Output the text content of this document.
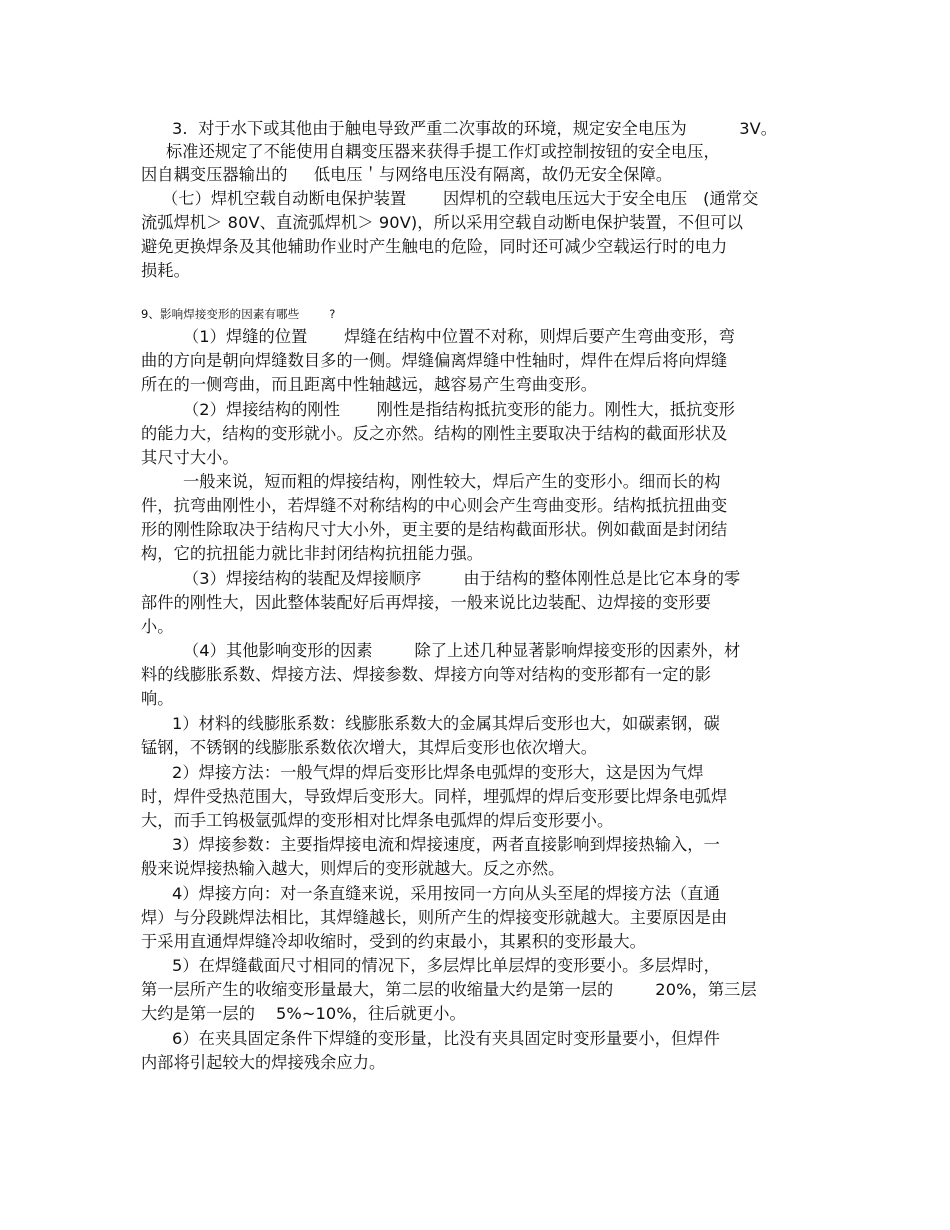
3.  对于水下或其他由于触电导致严重二次事故的环境，规定安全电压为          3V。
标准还规定了不能使用自耦变压器来获得手提工作灯或控制按钮的安全电压，
因自耦变压器输出的     低电压＇与网络电压没有隔离，故仍无安全保障。
（七）焊机空载自动断电保护装置       因焊机的空载电压远大于安全电压   (通常交
流弧焊机＞ 80V、直流弧焊机＞ 90V)，所以采用空载自动断电保护装置，不但可以
避免更换焊条及其他辅助作业时产生触电的危险，同时还可减少空载运行时的电力
损耗。
9、影响焊接变形的因素有哪些        ?
（1）焊缝的位置       焊缝在结构中位置不对称，则焊后要产生弯曲变形，弯
曲的方向是朝向焊缝数目多的一侧。焊缝偏离焊缝中性轴时，焊件在焊后将向焊缝
所在的一侧弯曲，而且距离中性轴越远，越容易产生弯曲变形。
（2）焊接结构的刚性       刚性是指结构抵抗变形的能力。刚性大，抵抗变形
的能力大，结构的变形就小。反之亦然。结构的刚性主要取决于结构的截面形状及
其尺寸大小。
一般来说，短而粗的焊接结构，刚性较大，焊后产生的变形小。细而长的构
件，抗弯曲刚性小，若焊缝不对称结构的中心则会产生弯曲变形。结构抵抗扭曲变
形的刚性除取决于结构尺寸大小外，更主要的是结构截面形状。例如截面是封闭结
构，它的抗扭能力就比非封闭结构抗扭能力强。
（3）焊接结构的装配及焊接顺序        由于结构的整体刚性总是比它本身的零
部件的刚性大，因此整体装配好后再焊接，一般来说比边装配、边焊接的变形要
小。
（4）其他影响变形的因素        除了上述几种显著影响焊接变形的因素外，材
料的线膨胀系数、焊接方法、焊接参数、焊接方向等对结构的变形都有一定的影
响。
1）材料的线膨胀系数：线膨胀系数大的金属其焊后变形也大，如碳素钢，碳
锰钢，不锈钢的线膨胀系数依次增大，其焊后变形也依次增大。
2）焊接方法：一般气焊的焊后变形比焊条电弧焊的变形大，这是因为气焊
时，焊件受热范围大，导致焊后变形大。同样，埋弧焊的焊后变形要比焊条电弧焊
大，而手工钨极氩弧焊的变形相对比焊条电弧焊的焊后变形要小。
3）焊接参数：主要指焊接电流和焊接速度，两者直接影响到焊接热输入，一
般来说焊接热输入越大，则焊后的变形就越大。反之亦然。
4）焊接方向：对一条直缝来说，采用按同一方向从头至尾的焊接方法（直通
焊）与分段跳焊法相比，其焊缝越长，则所产生的焊接变形就越大。主要原因是由
于采用直通焊焊缝冷却收缩时，受到的约束最小，其累积的变形最大。
5）在焊缝截面尺寸相同的情况下，多层焊比单层焊的变形要小。多层焊时，
第一层所产生的收缩变形量最大，第二层的收缩量大约是第一层的        20%，第三层
大约是第一层的    5%~10%，往后就更小。
6）在夹具固定条件下焊缝的变形量，比没有夹具固定时变形量要小，但焊件
内部将引起较大的焊接残余应力。
